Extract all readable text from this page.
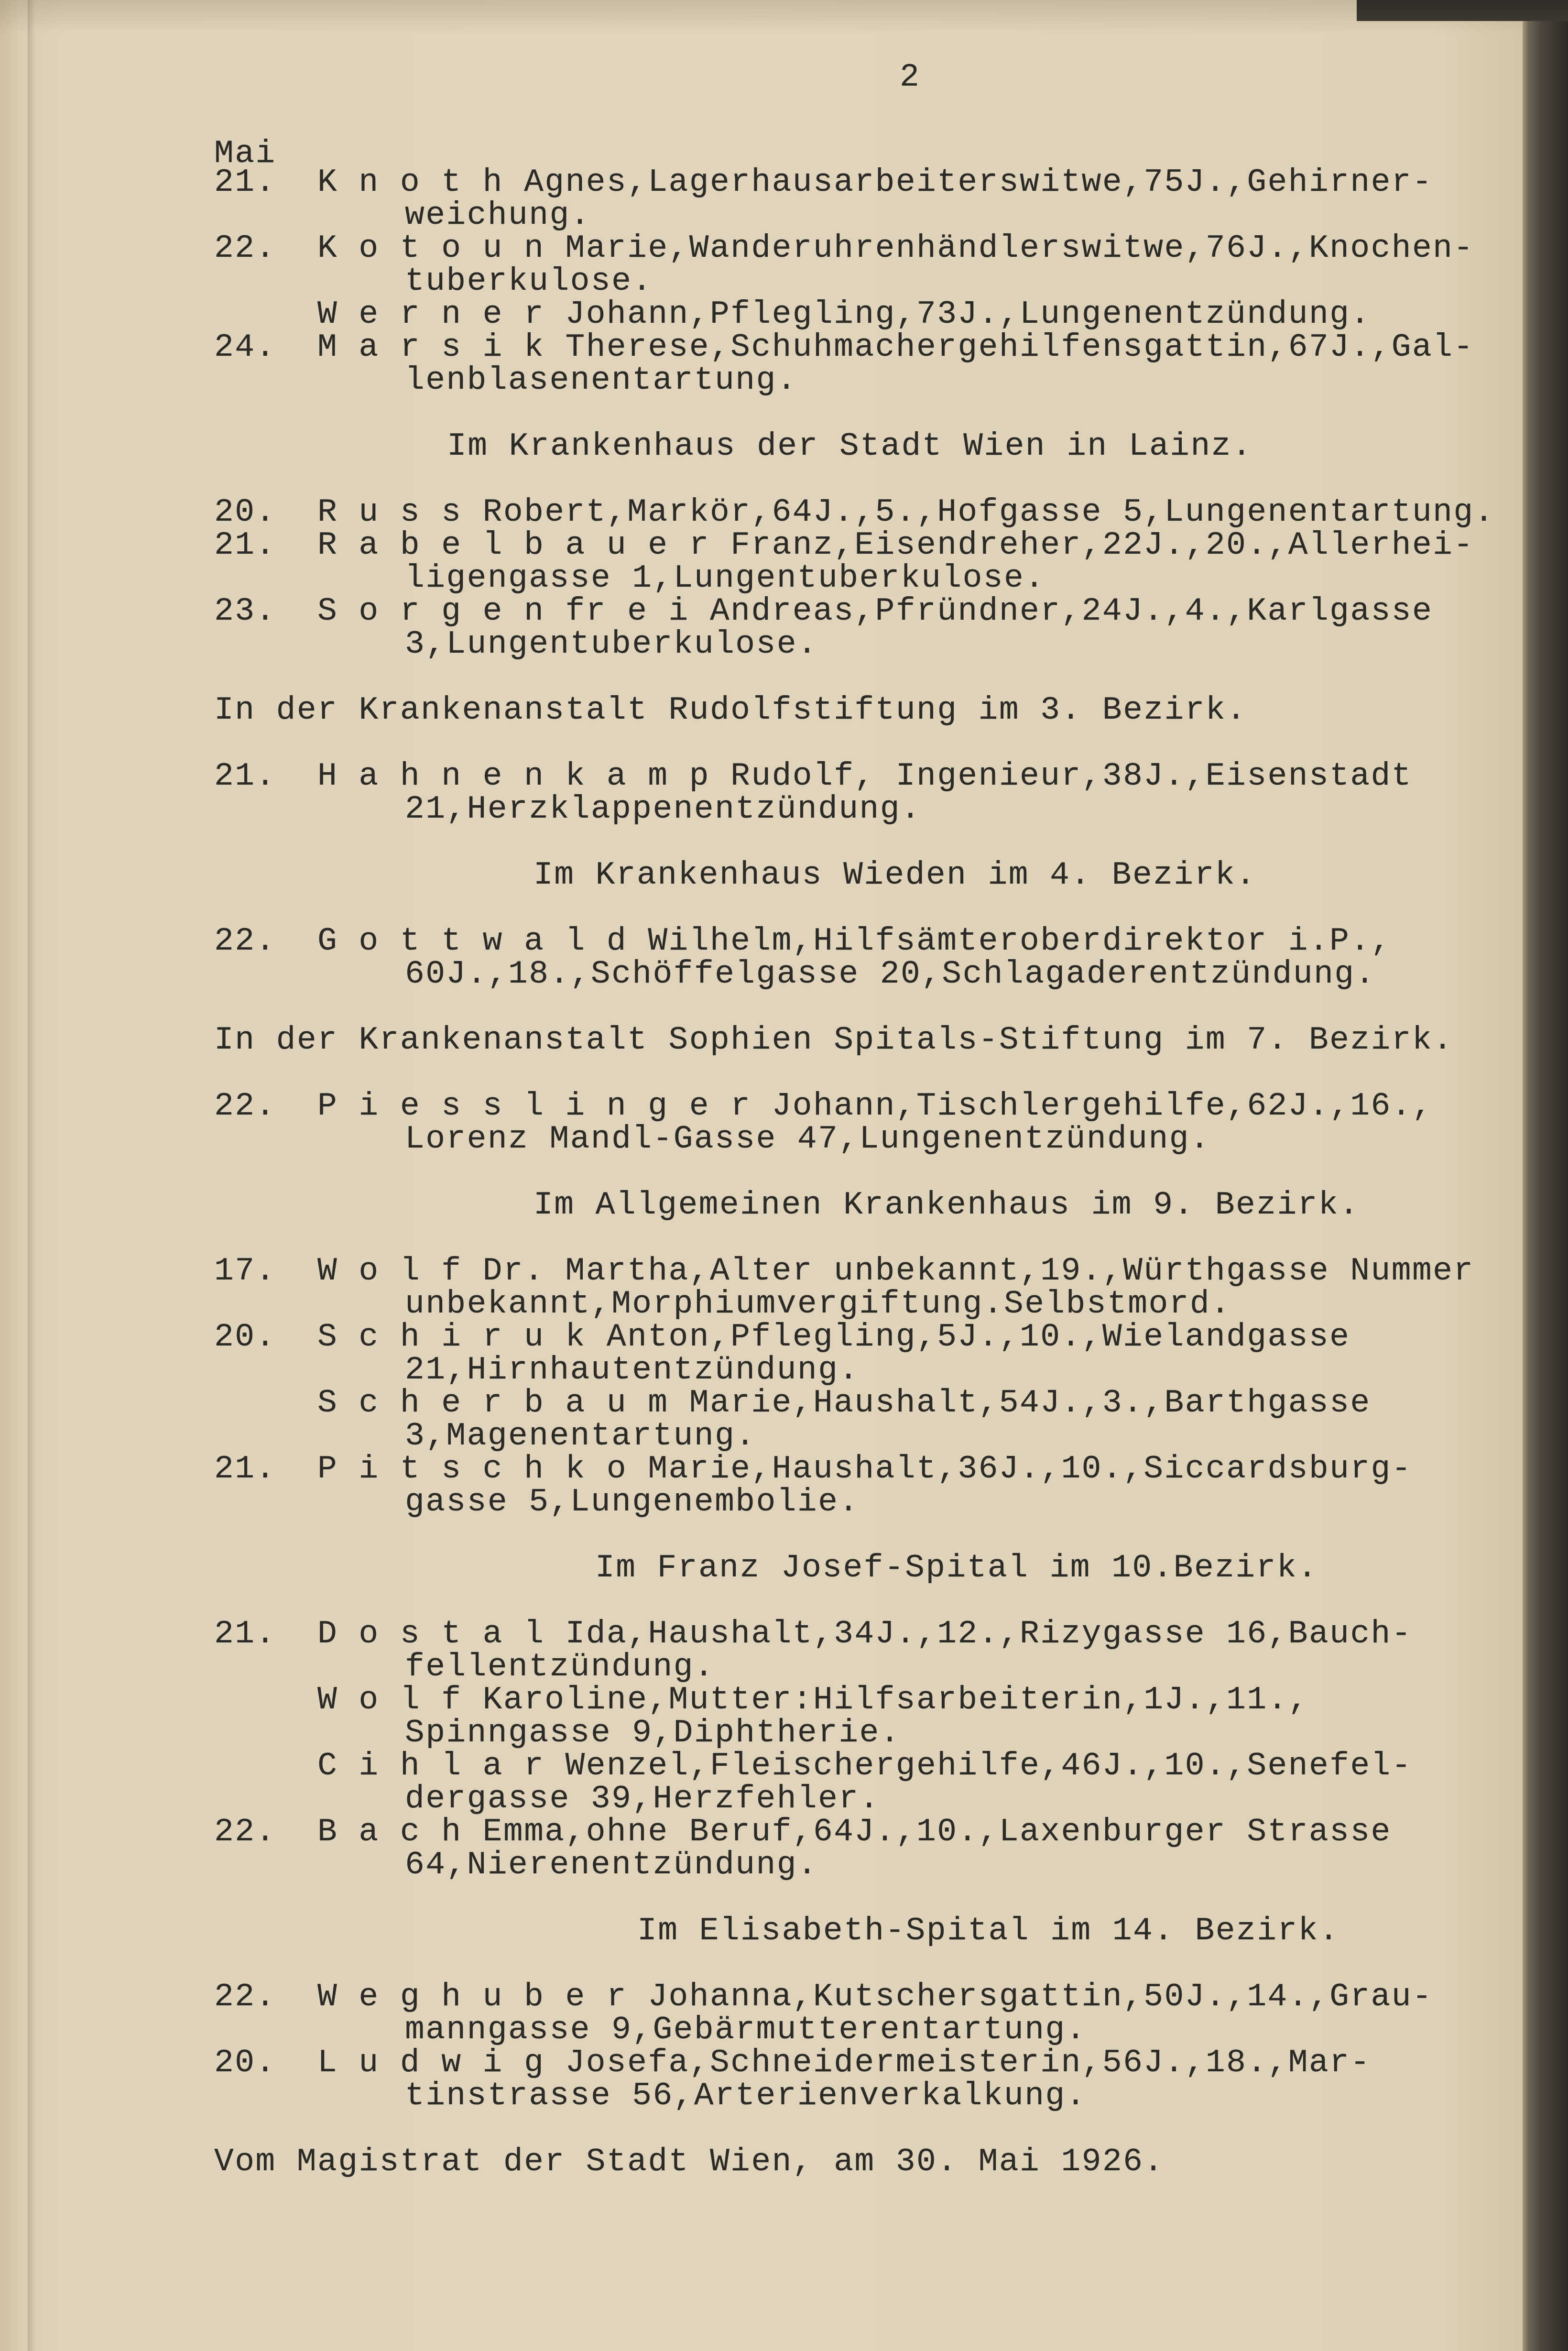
2
Mai
21. K n o t h Agnes,Lagerhausarbeiterswitwe,75J.,Gehirner-
weichung.
22. K o t o u n Marie,Wanderuhrenhändlerswitwe,76J.,Knochen-
tuberkulose.
W e r n e r Johann,Pflegling,73J.,Lungenentzündung.
24. M a r s i k Therese,Schuhmachergehilfensgattin,67J.,Gal-
lenblasenentartung.
Im Krankenhaus der Stadt Wien in Lainz.
20. R u s s Robert,Markör,64J.,5.,Hofgasse 5,Lungenentartung.
21. R a b e l b a u e r Franz,Eisendreher,22J.,20.,Allerhei-
ligengasse 1,Lungentuberkulose.
23. S o r g e n fr e i Andreas,Pfründner,24J.,4.,Karlgasse
3,Lungentuberkulose.
In der Krankenanstalt Rudolfstiftung im 3. Bezirk.
21. H a h n e n k a m p Rudolf, Ingenieur,38J.,Eisenstadt
21,Herzklappenentzündung.
Im Krankenhaus Wieden im 4. Bezirk.
22. G o t t w a l d Wilhelm,Hilfsämteroberdirektor i.P.,
60J.,18.,Schöffelgasse 20,Schlagaderentzündung.
In der Krankenanstalt Sophien Spitals-Stiftung im 7. Bezirk.
22. P i e s s l i n g e r Johann,Tischlergehilfe,62J.,16.,
Lorenz Mandl-Gasse 47,Lungenentzündung.
Im Allgemeinen Krankenhaus im 9. Bezirk.
17. W o l f Dr. Martha,Alter unbekannt,19.,Würthgasse Nummer
unbekannt,Morphiumvergiftung.Selbstmord.
20. S c h i r u k Anton,Pflegling,5J.,10.,Wielandgasse
21,Hirnhautentzündung.
S c h e r b a u m Marie,Haushalt,54J.,3.,Barthgasse
3,Magenentartung.
21. P i t s c h k o Marie,Haushalt,36J.,10.,Siccardsburg-
gasse 5,Lungenembolie.
Im Franz Josef-Spital im 10.Bezirk.
21. D o s t a l Ida,Haushalt,34J.,12.,Rizygasse 16,Bauch-
fellentzündung.
W o l f Karoline,Mutter:Hilfsarbeiterin,1J.,11.,
Spinngasse 9,Diphtherie.
C i h l a r Wenzel,Fleischergehilfe,46J.,10.,Senefel-
dergasse 39,Herzfehler.
22. B a c h Emma,ohne Beruf,64J.,10.,Laxenburger Strasse
64,Nierenentzündung.
Im Elisabeth-Spital im 14. Bezirk.
22. W e g h u b e r Johanna,Kutschersgattin,50J.,14.,Grau-
manngasse 9,Gebärmutterentartung.
20. L u d w i g Josefa,Schneidermeisterin,56J.,18.,Mar-
tinstrasse 56,Arterienverkalkung.
Vom Magistrat der Stadt Wien, am 30. Mai 1926.
